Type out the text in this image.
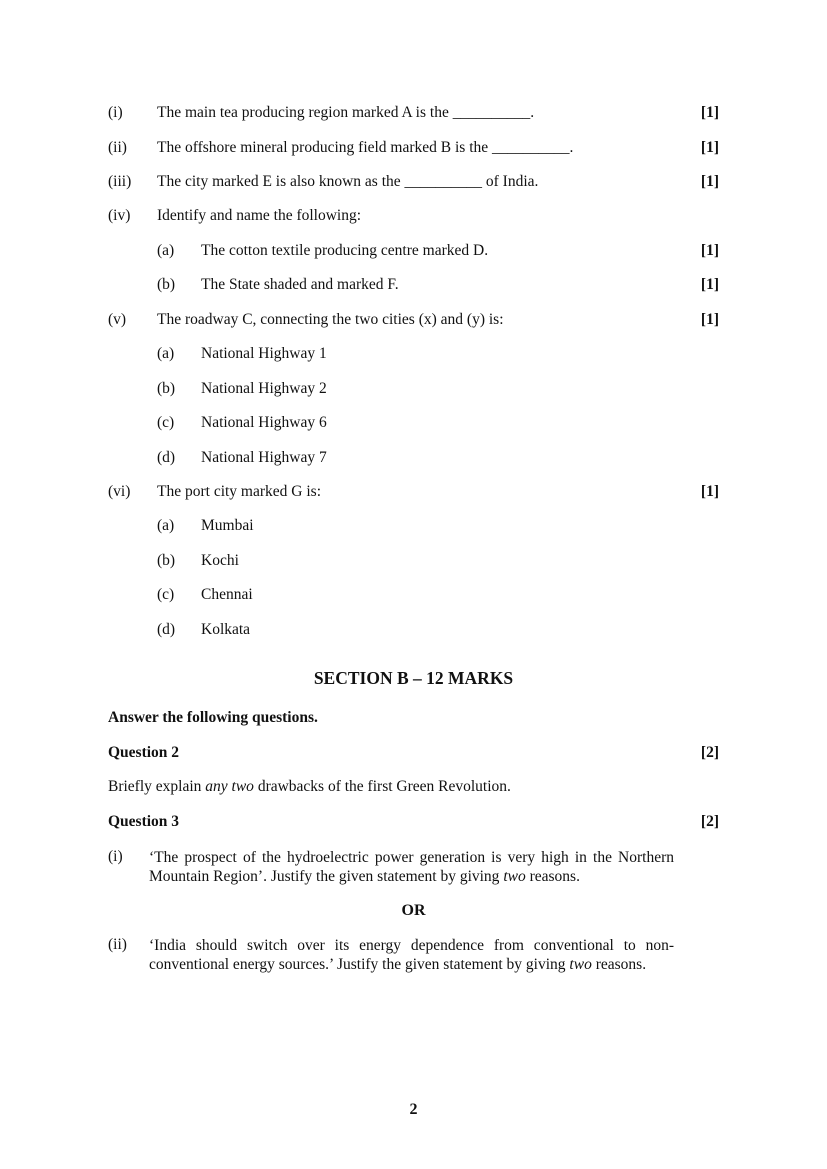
(i) The main tea producing region marked A is the __________.	[1]
(ii) The offshore mineral producing field marked B is the __________.	[1]
(iii) The city marked E is also known as the __________ of India.	[1]
(iv) Identify and name the following:
(a) The cotton textile producing centre marked D.	[1]
(b) The State shaded and marked F.	[1]
(v) The roadway C, connecting the two cities (x) and (y) is:	[1]
(a) National Highway 1
(b) National Highway 2
(c) National Highway 6
(d) National Highway 7
(vi) The port city marked G is:	[1]
(a) Mumbai
(b) Kochi
(c) Chennai
(d) Kolkata
SECTION B – 12 MARKS
Answer the following questions.
Question 2	[2]
Briefly explain any two drawbacks of the first Green Revolution.
Question 3	[2]
(i) ‘The prospect of the hydroelectric power generation is very high in the Northern Mountain Region’. Justify the given statement by giving two reasons.
OR
(ii) ‘India should switch over its energy dependence from conventional to non-conventional energy sources.’ Justify the given statement by giving two reasons.
2
